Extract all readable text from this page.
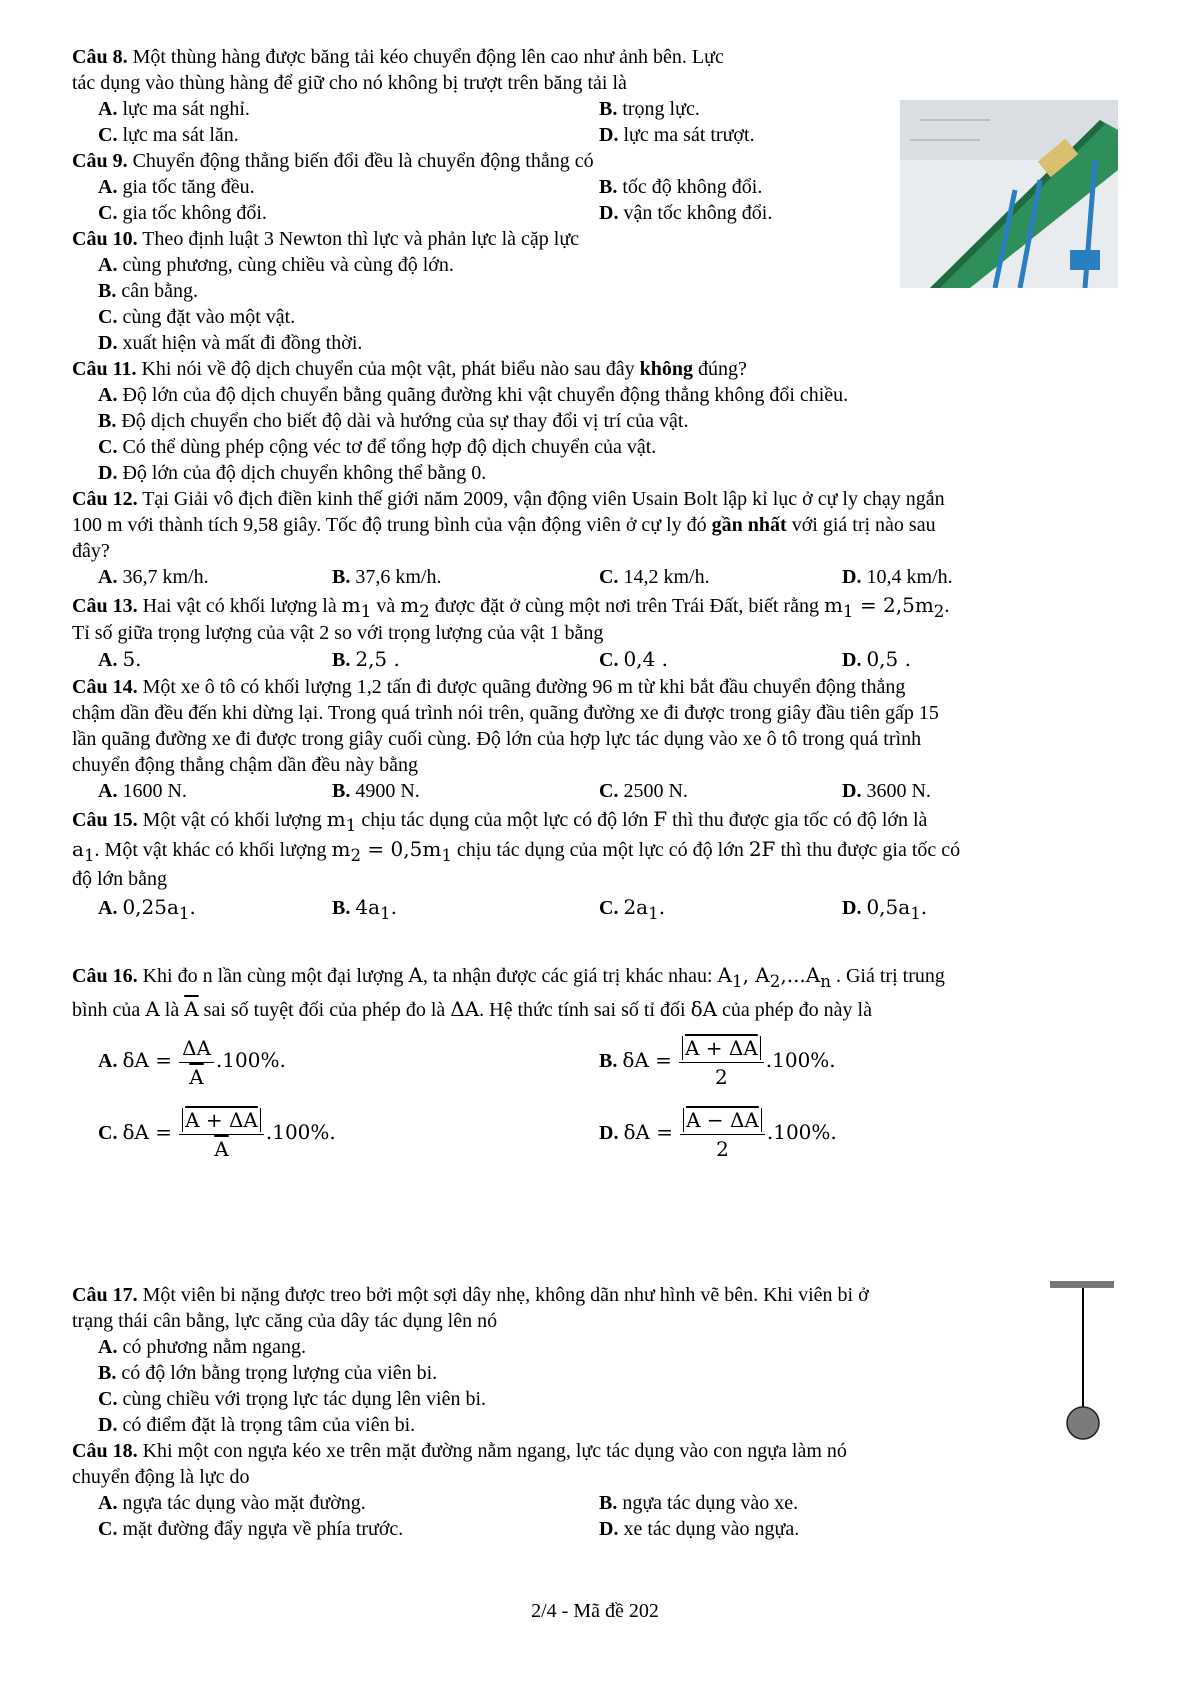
Câu 8. Một thùng hàng được băng tải kéo chuyển động lên cao như ảnh bên. Lực
tác dụng vào thùng hàng để giữ cho nó không bị trượt trên băng tải là
A. lực ma sát nghỉ.	B. trọng lực.
C. lực ma sát lăn.	D. lực ma sát trượt.
Câu 9. Chuyển động thẳng biến đổi đều là chuyển động thẳng có
A. gia tốc tăng đều.	B. tốc độ không đổi.
C. gia tốc không đổi.	D. vận tốc không đổi.
Câu 10. Theo định luật 3 Newton thì lực và phản lực là cặp lực
A. cùng phương, cùng chiều và cùng độ lớn.
B. cân bằng.
C. cùng đặt vào một vật.
D. xuất hiện và mất đi đồng thời.
Câu 11. Khi nói về độ dịch chuyển của một vật, phát biểu nào sau đây không đúng?
A. Độ lớn của độ dịch chuyển bằng quãng đường khi vật chuyển động thẳng không đổi chiều.
B. Độ dịch chuyển cho biết độ dài và hướng của sự thay đổi vị trí của vật.
C. Có thể dùng phép cộng véc tơ để tổng hợp độ dịch chuyển của vật.
D. Độ lớn của độ dịch chuyển không thể bằng 0.
Câu 12. Tại Giải vô địch điền kinh thế giới năm 2009, vận động viên Usain Bolt lập kỉ lục ở cự ly chạy ngắn
100 m với thành tích 9,58 giây. Tốc độ trung bình của vận động viên ở cự ly đó gần nhất với giá trị nào sau
đây?
A. 36,7 km/h.	B. 37,6 km/h.	C. 14,2 km/h.	D. 10,4 km/h.
Câu 13. Hai vật có khối lượng là $m_1$ và $m_2$ được đặt ở cùng một nơi trên Trái Đất, biết rằng $m_1 = 2,5m_2$.
Tỉ số giữa trọng lượng của vật 2 so với trọng lượng của vật 1 bằng
A. 5.	B. 2,5 .	C. 0,4 .	D. 0,5 .
Câu 14. Một xe ô tô có khối lượng 1,2 tấn đi được quãng đường 96 m từ khi bắt đầu chuyển động thẳng
chậm dần đều đến khi dừng lại. Trong quá trình nói trên, quãng đường xe đi được trong giây đầu tiên gấp 15
lần quãng đường xe đi được trong giây cuối cùng. Độ lớn của hợp lực tác dụng vào xe ô tô trong quá trình
chuyển động thẳng chậm dần đều này bằng
A. 1600 N.	B. 4900 N.	C. 2500 N.	D. 3600 N.
Câu 15. Một vật có khối lượng $m_1$ chịu tác dụng của một lực có độ lớn F thì thu được gia tốc có độ lớn là
$a_1$. Một vật khác có khối lượng $m_2 = 0,5m_1$ chịu tác dụng của một lực có độ lớn 2F thì thu được gia tốc có
độ lớn bằng
A. $0,25a_1$.	B. $4a_1$.	C. $2a_1$.	D. $0,5a_1$.
Câu 16. Khi đo n lần cùng một đại lượng A, ta nhận được các giá trị khác nhau: $A_1$, $A_2,...A_n$ . Giá trị trung
bình của A là $\overline{A}$ sai số tuyệt đối của phép đo là ΔA. Hệ thức tính sai số tỉ đối δA của phép đo này là
A. $\delta A = \frac{\Delta A}{A} .100\%$.	B. $\delta A = \frac{A + \Delta A}{2} .100\%$.
C. $\delta A = \frac{A + \Delta A}{A} .100\%$.	D. $\delta A = \frac{A - \Delta A}{2} .100\%$.
Câu 17. Một viên bi nặng được treo bởi một sợi dây nhẹ, không dãn như hình vẽ bên. Khi viên bi ở
trạng thái cân bằng, lực căng của dây tác dụng lên nó
A. có phương nằm ngang.
B. có độ lớn bằng trọng lượng của viên bi.
C. cùng chiều với trọng lực tác dụng lên viên bi.
D. có điểm đặt là trọng tâm của viên bi.
Câu 18. Khi một con ngựa kéo xe trên mặt đường nằm ngang, lực tác dụng vào con ngựa làm nó
chuyển động là lực do
A. ngựa tác dụng vào mặt đường.	B. ngựa tác dụng vào xe.
C. mặt đường đẩy ngựa về phía trước.	D. xe tác dụng vào ngựa.
2/4 - Mã đề 202
